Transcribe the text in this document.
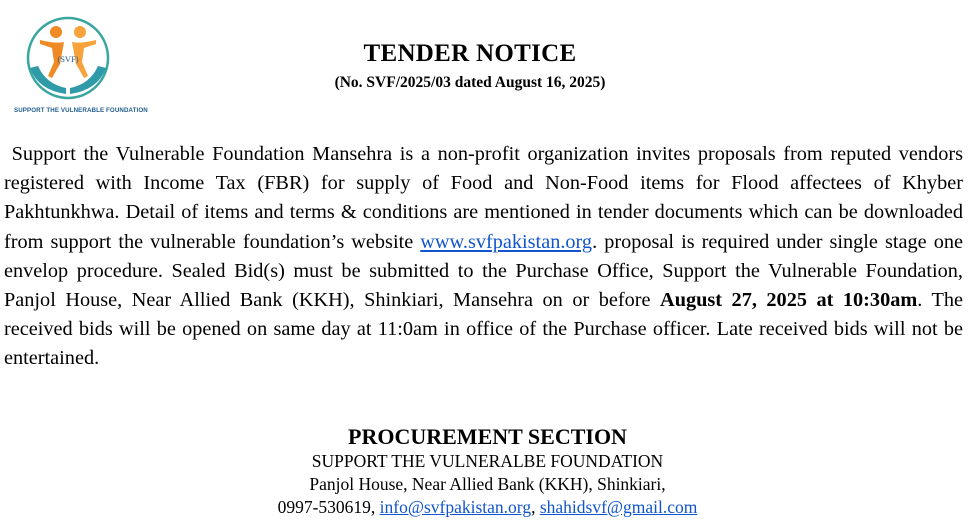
(SVF)
SUPPORT THE VULNERABLE FOUNDATION
TENDER NOTICE
(No. SVF/2025/03 dated August 16, 2025)

Support the Vulnerable Foundation Mansehra is a non-profit organization invites proposals from reputed vendors registered with Income Tax (FBR) for supply of Food and Non-Food items for Flood affectees of Khyber Pakhtunkhwa. Detail of items and terms & conditions are mentioned in tender documents which can be downloaded from support the vulnerable foundation’s website www.svfpakistan.org. proposal is required under single stage one envelop procedure. Sealed Bid(s) must be submitted to the Purchase Office, Support the Vulnerable Foundation, Panjol House, Near Allied Bank (KKH), Shinkiari, Mansehra on or before August 27, 2025 at 10:30am. The received bids will be opened on same day at 11:0am in office of the Purchase officer. Late received bids will not be entertained.

PROCUREMENT SECTION
SUPPORT THE VULNERALBE FOUNDATION
Panjol House, Near Allied Bank (KKH), Shinkiari,
0997-530619, info@svfpakistan.org, shahidsvf@gmail.com
